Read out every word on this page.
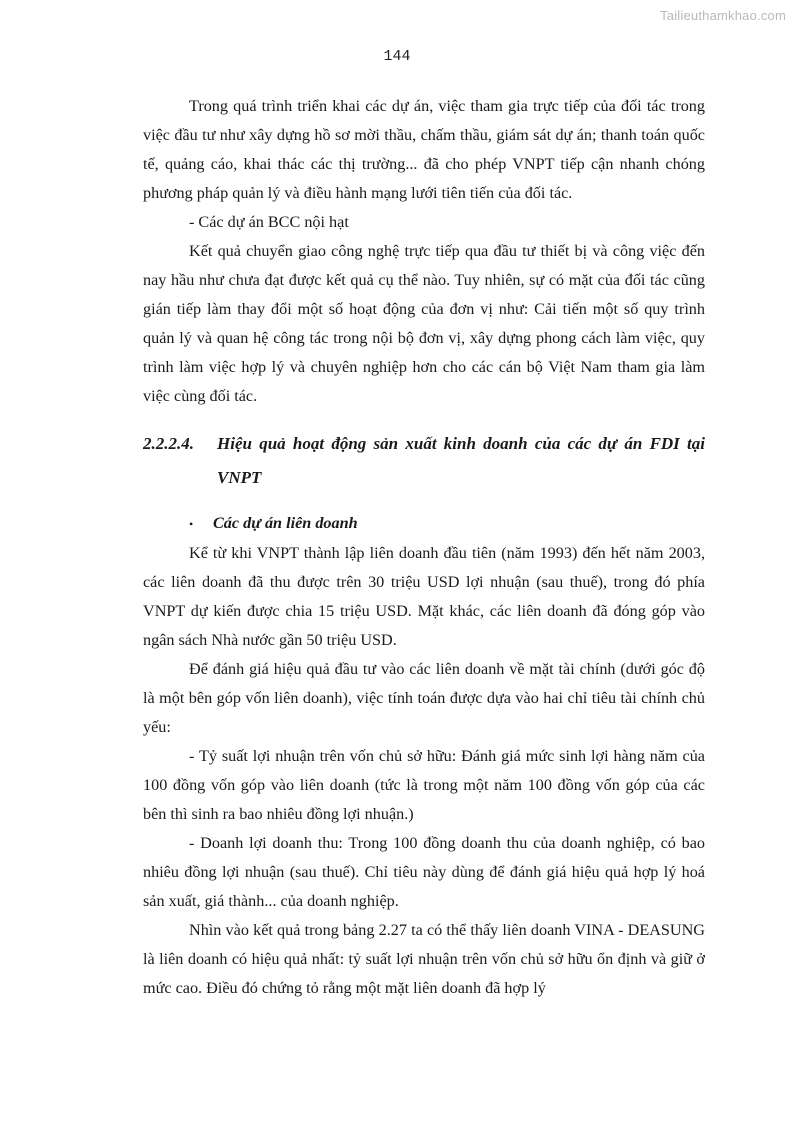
Tailieuthamkhao.com
144

Trong quá trình triển khai các dự án, việc tham gia trực tiếp của đối tác trong việc đầu tư như xây dựng hồ sơ mời thầu, chấm thầu, giám sát dự án; thanh toán quốc tế, quảng cáo, khai thác các thị trường... đã cho phép VNPT tiếp cận nhanh chóng phương pháp quản lý và điều hành mạng lưới tiên tiến của đối tác.

- Các dự án BCC nội hạt

Kết quả chuyển giao công nghệ trực tiếp qua đầu tư thiết bị và công việc đến nay hầu như chưa đạt được kết quả cụ thể nào. Tuy nhiên, sự có mặt của đối tác cũng gián tiếp làm thay đổi một số hoạt động của đơn vị như: Cải tiến một số quy trình quản lý và quan hệ công tác trong nội bộ đơn vị, xây dựng phong cách làm việc, quy trình làm việc hợp lý và chuyên nghiệp hơn cho các cán bộ Việt Nam tham gia làm việc cùng đối tác.

2.2.2.4.	Hiệu quả hoạt động sản xuất kinh doanh của các dự án FDI tại VNPT
•	Các dự án liên doanh

Kể từ khi VNPT thành lập liên doanh đầu tiên (năm 1993) đến hết năm 2003, các liên doanh đã thu được trên 30 triệu USD lợi nhuận (sau thuế), trong đó phía VNPT dự kiến được chia 15 triệu USD. Mặt khác, các liên doanh đã đóng góp vào ngân sách Nhà nước gần 50 triệu USD.

Để đánh giá hiệu quả đầu tư vào các liên doanh về mặt tài chính (dưới góc độ là một bên góp vốn liên doanh), việc tính toán được dựa vào hai chỉ tiêu tài chính chủ yếu:

- Tỷ suất lợi nhuận trên vốn chủ sở hữu: Đánh giá mức sinh lợi hàng năm của 100 đồng vốn góp vào liên doanh (tức là trong một năm 100 đồng vốn góp của các bên thì sinh ra bao nhiêu đồng lợi nhuận.)

- Doanh lợi doanh thu: Trong 100 đồng doanh thu của doanh nghiệp, có bao nhiêu đồng lợi nhuận (sau thuế). Chỉ tiêu này dùng để đánh giá hiệu quả hợp lý hoá sản xuất, giá thành... của doanh nghiệp.

Nhìn vào kết quả trong bảng 2.27 ta có thể thấy liên doanh VINA - DEASUNG là liên doanh có hiệu quả nhất: tỷ suất lợi nhuận trên vốn chủ sở hữu ổn định và giữ ở mức cao. Điều đó chứng tỏ rằng một mặt liên doanh đã hợp lý
